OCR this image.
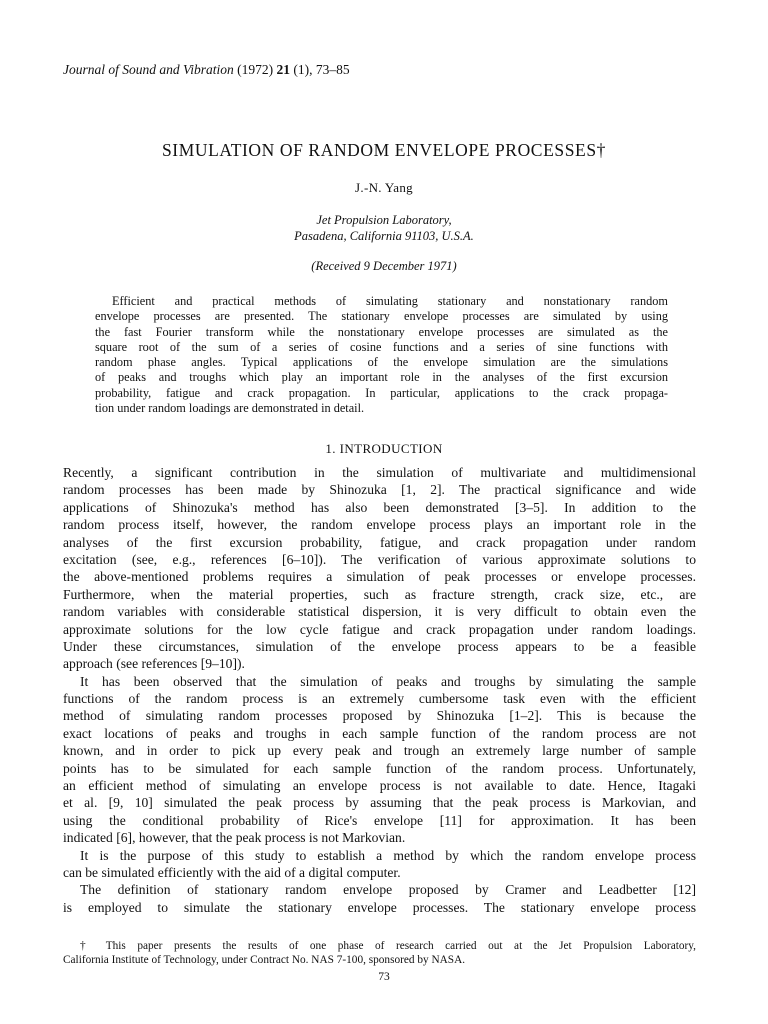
Journal of Sound and Vibration (1972) 21 (1), 73–85
SIMULATION OF RANDOM ENVELOPE PROCESSES†
J.-N. Yang
Jet Propulsion Laboratory,
Pasadena, California 91103, U.S.A.
(Received 9 December 1971)
Efficient and practical methods of simulating stationary and nonstationary random
envelope processes are presented. The stationary envelope processes are simulated by using
the fast Fourier transform while the nonstationary envelope processes are simulated as the
square root of the sum of a series of cosine functions and a series of sine functions with
random phase angles. Typical applications of the envelope simulation are the simulations
of peaks and troughs which play an important role in the analyses of the first excursion
probability, fatigue and crack propagation. In particular, applications to the crack propaga-
tion under random loadings are demonstrated in detail.
1. INTRODUCTION
Recently, a significant contribution in the simulation of multivariate and multidimensional
random processes has been made by Shinozuka [1, 2]. The practical significance and wide
applications of Shinozuka's method has also been demonstrated [3–5]. In addition to the
random process itself, however, the random envelope process plays an important role in the
analyses of the first excursion probability, fatigue, and crack propagation under random
excitation (see, e.g., references [6–10]). The verification of various approximate solutions to
the above-mentioned problems requires a simulation of peak processes or envelope processes.
Furthermore, when the material properties, such as fracture strength, crack size, etc., are
random variables with considerable statistical dispersion, it is very difficult to obtain even the
approximate solutions for the low cycle fatigue and crack propagation under random loadings.
Under these circumstances, simulation of the envelope process appears to be a feasible
approach (see references [9–10]).
It has been observed that the simulation of peaks and troughs by simulating the sample
functions of the random process is an extremely cumbersome task even with the efficient
method of simulating random processes proposed by Shinozuka [1–2]. This is because the
exact locations of peaks and troughs in each sample function of the random process are not
known, and in order to pick up every peak and trough an extremely large number of sample
points has to be simulated for each sample function of the random process. Unfortunately,
an efficient method of simulating an envelope process is not available to date. Hence, Itagaki
et al. [9, 10] simulated the peak process by assuming that the peak process is Markovian, and
using the conditional probability of Rice's envelope [11] for approximation. It has been
indicated [6], however, that the peak process is not Markovian.
It is the purpose of this study to establish a method by which the random envelope process
can be simulated efficiently with the aid of a digital computer.
The definition of stationary random envelope proposed by Cramer and Leadbetter [12]
is employed to simulate the stationary envelope processes. The stationary envelope process
† This paper presents the results of one phase of research carried out at the Jet Propulsion Laboratory,
California Institute of Technology, under Contract No. NAS 7-100, sponsored by NASA.
73
